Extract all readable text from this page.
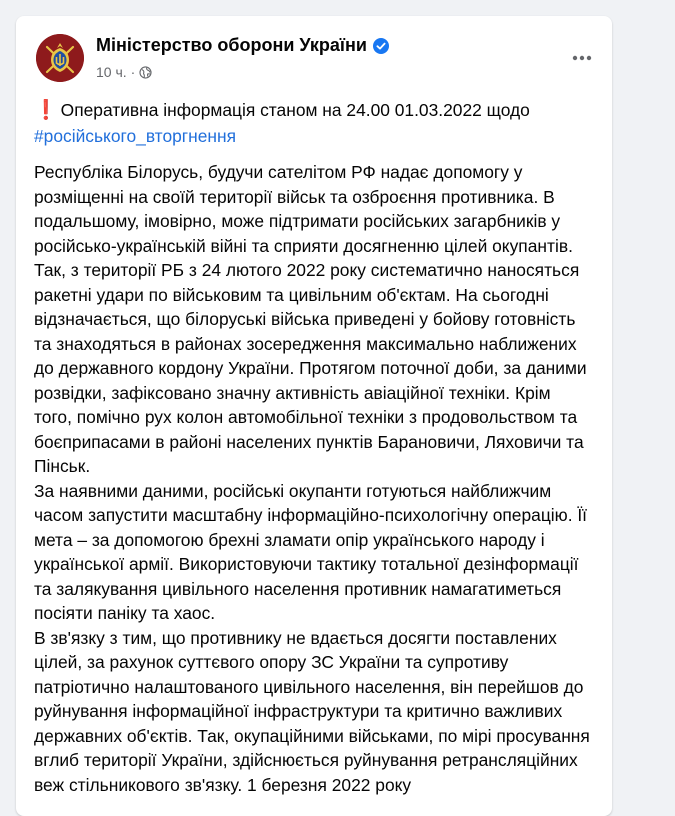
Міністерство оборони України
10 ч. ·
❗ Оперативна інформація станом на 24.00 01.03.2022 щодо
#російського_вторгнення

Республіка Білорусь, будучи сателітом РФ надає допомогу у розміщенні на своїй території військ та озброєння противника. В подальшому, імовірно, може підтримати російських загарбників у російсько-українській війні та сприяти досягненню цілей окупантів. Так, з території РБ з 24 лютого 2022 року систематично наносяться ракетні удари по військовим та цивільним об'єктам. На сьогодні відзначається, що білоруські війська приведені у бойову готовність та знаходяться в районах зосередження максимально наближених до державного кордону України. Протягом поточної доби, за даними розвідки, зафіксовано значну активність авіаційної техніки. Крім того, помічно рух колон автомобільної техніки з продовольством та боєприпасами в районі населених пунктів Барановичи, Ляховичи та Пінськ.

За наявними даними, російські окупанти готуються найближчим часом запустити масштабну інформаційно-психологічну операцію. Її мета – за допомогою брехні зламати опір українського народу і української армії. Використовуючи тактику тотальної дезінформації та залякування цивільного населення противник намагатиметься посіяти паніку та хаос.

В зв'язку з тим, що противнику не вдається досягти поставлених цілей, за рахунок суттєвого опору ЗС України та супротиву патріотично налаштованого цивільного населення, він перейшов до руйнування інформаційної інфраструктури та критично важливих державних об'єктів. Так, окупаційними військами, по мірі просування вглиб території України, здійснюється руйнування ретрансляційних веж стільникового зв'язку. 1 березня 2022 року
